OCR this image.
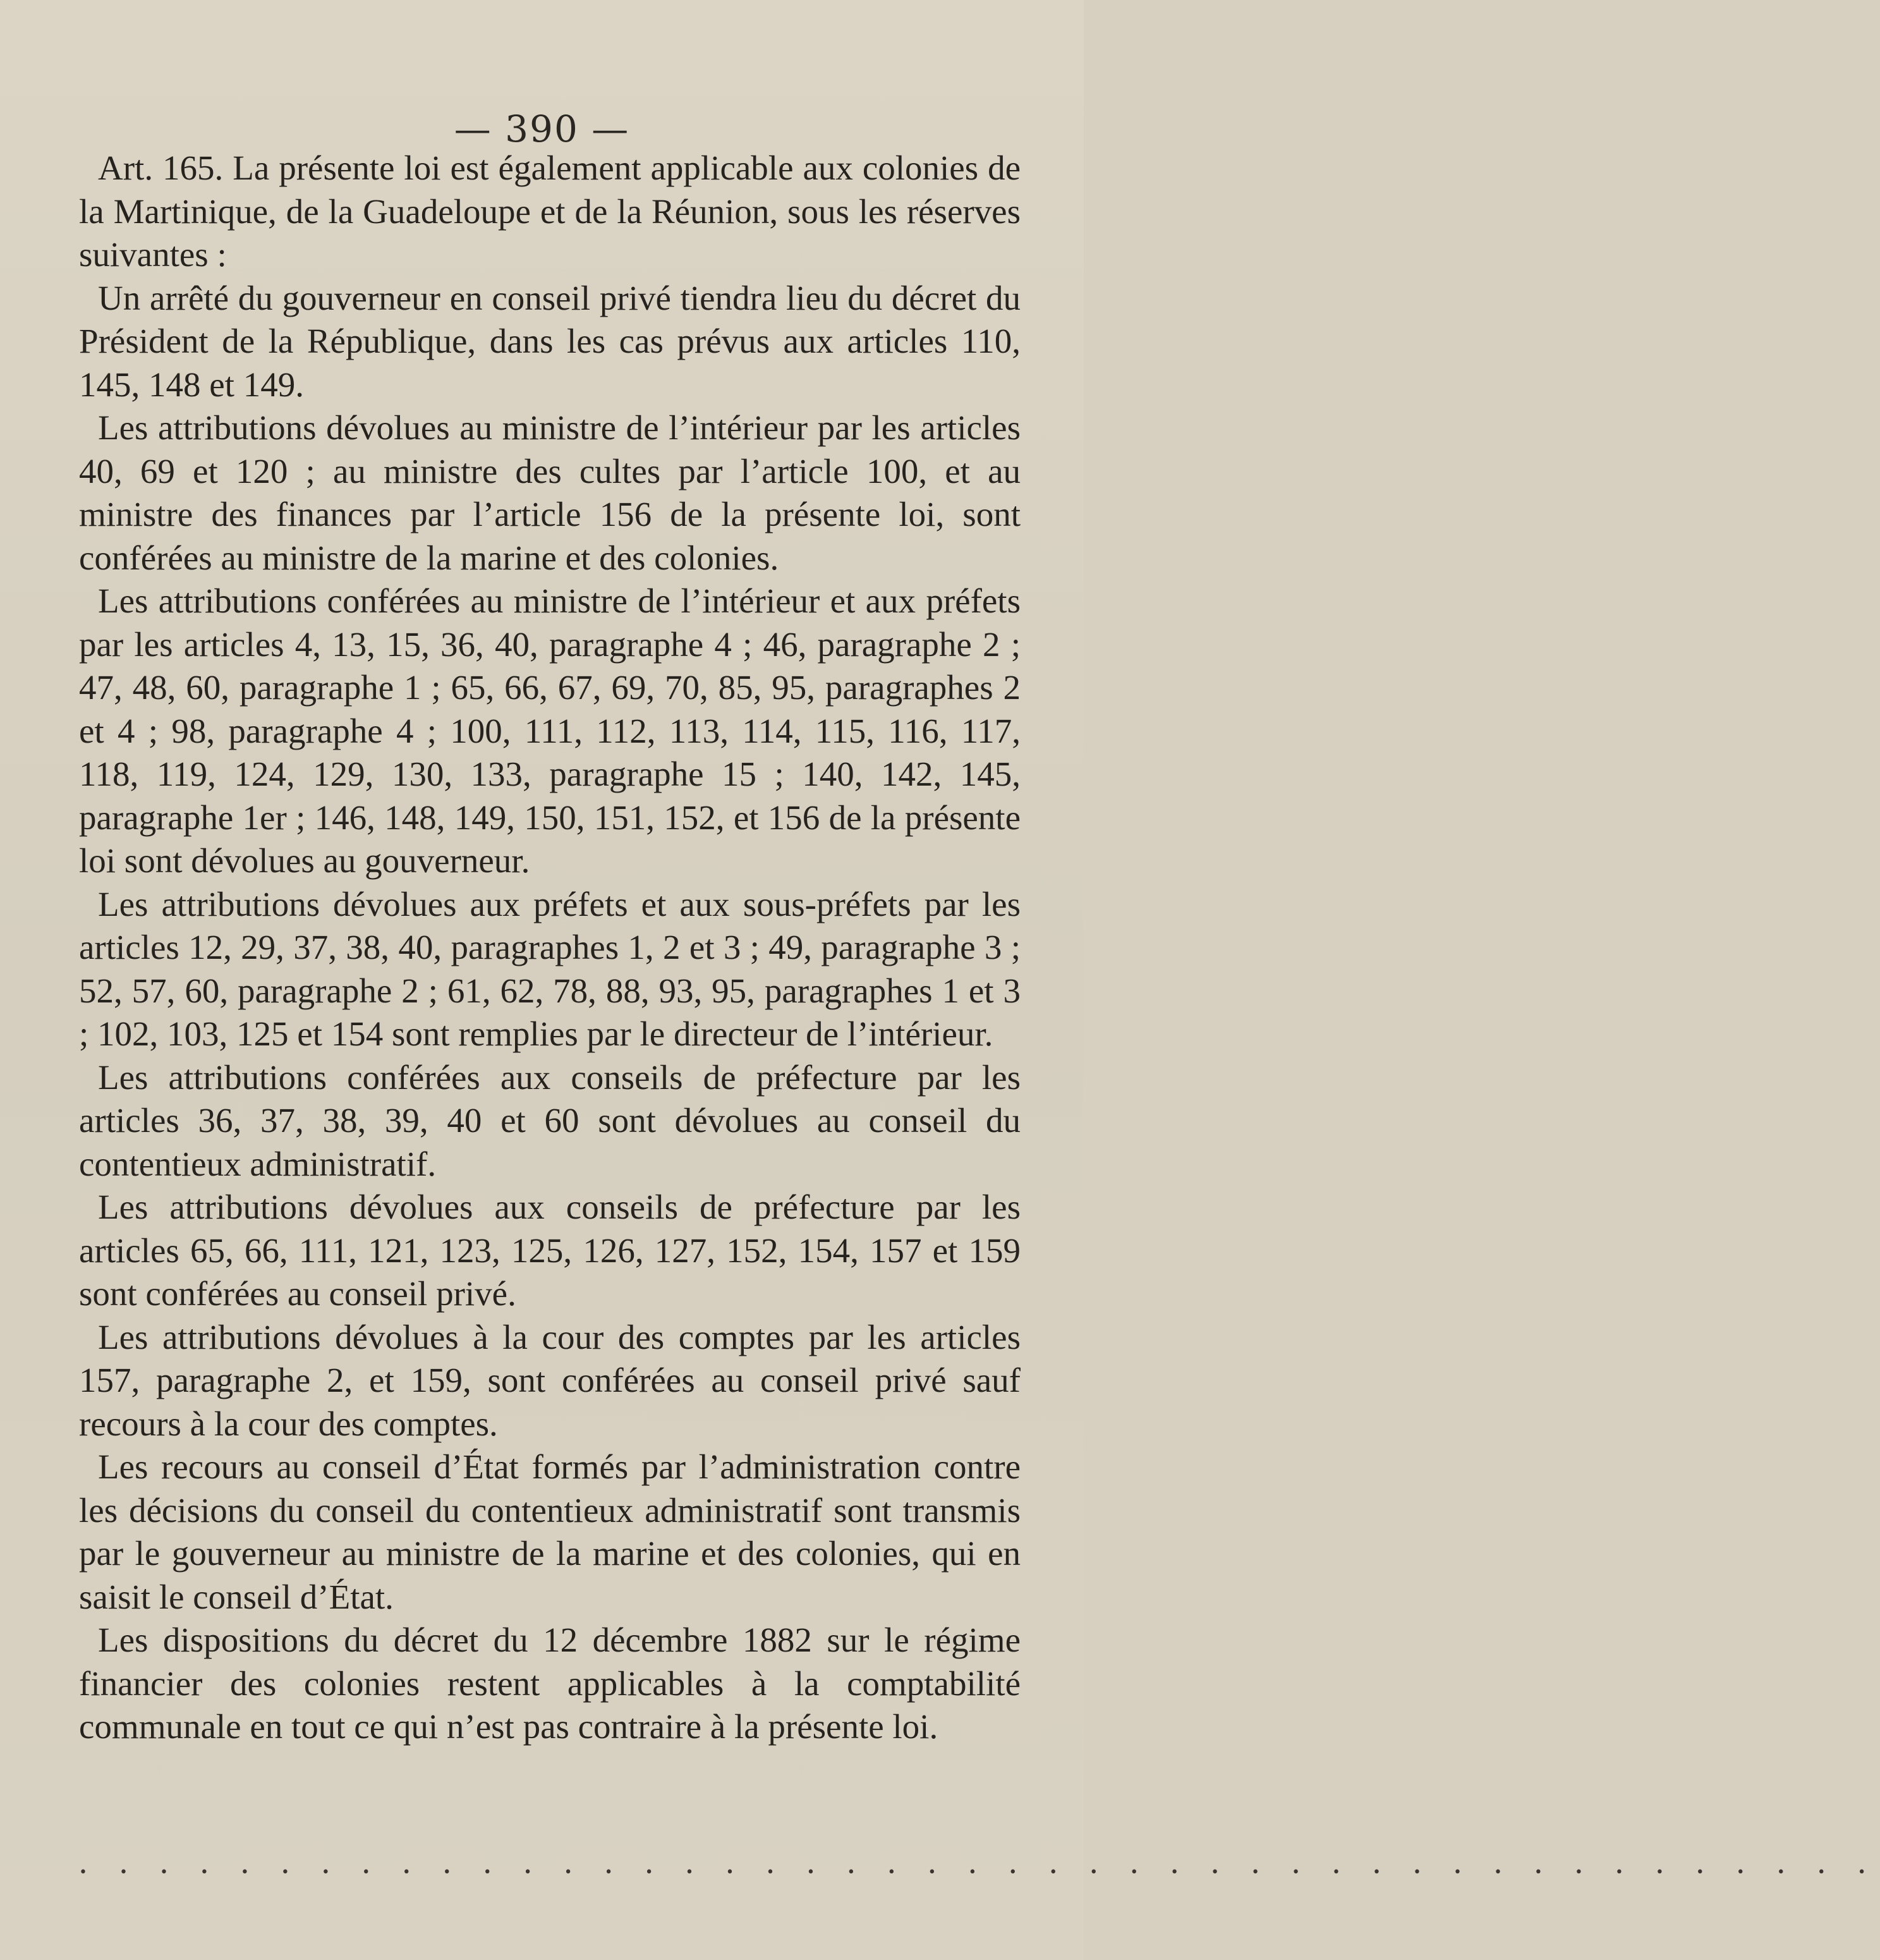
— 390 —

Art. 165. La présente loi est également applicable aux colonies de la Martinique, de la Guadeloupe et de la Réunion, sous les réserves suivantes :

Un arrêté du gouverneur en conseil privé tiendra lieu du décret du Président de la République, dans les cas prévus aux articles 110, 145, 148 et 149.

Les attributions dévolues au ministre de l’intérieur par les articles 40, 69 et 120 ; au ministre des cultes par l’article 100, et au ministre des finances par l’article 156 de la présente loi, sont conférées au ministre de la marine et des colonies.

Les attributions conférées au ministre de l’intérieur et aux préfets par les articles 4, 13, 15, 36, 40, paragraphe 4 ; 46, paragraphe 2 ; 47, 48, 60, paragraphe 1 ; 65, 66, 67, 69, 70, 85, 95, paragraphes 2 et 4 ; 98, paragraphe 4 ; 100, 111, 112, 113, 114, 115, 116, 117, 118, 119, 124, 129, 130, 133, paragraphe 15 ; 140, 142, 145, paragraphe 1er ; 146, 148, 149, 150, 151, 152, et 156 de la présente loi sont dévolues au gouverneur.

Les attributions dévolues aux préfets et aux sous-préfets par les articles 12, 29, 37, 38, 40, paragraphes 1, 2 et 3 ; 49, paragraphe 3 ; 52, 57, 60, paragraphe 2 ; 61, 62, 78, 88, 93, 95, paragraphes 1 et 3 ; 102, 103, 125 et 154 sont remplies par le directeur de l’intérieur.

Les attributions conférées aux conseils de préfecture par les articles 36, 37, 38, 39, 40 et 60 sont dévolues au conseil du contentieux administratif.

Les attributions dévolues aux conseils de préfecture par les articles 65, 66, 111, 121, 123, 125, 126, 127, 152, 154, 157 et 159 sont conférées au conseil privé.

Les attributions dévolues à la cour des comptes par les articles 157, paragraphe 2, et 159, sont conférées au conseil privé sauf recours à la cour des comptes.

Les recours au conseil d’État formés par l’administration contre les décisions du conseil du contentieux administratif sont transmis par le gouverneur au ministre de la marine et des colonies, qui en saisit le conseil d’État.

Les dispositions du décret du 12 décembre 1882 sur le régime financier des colonies restent applicables à la comptabilité communale en tout ce qui n’est pas contraire à la présente loi.

• • • • • • • • • • • • • • • • • • • • • • • • • • • • • • • • • • • • • • • • • • • • •
